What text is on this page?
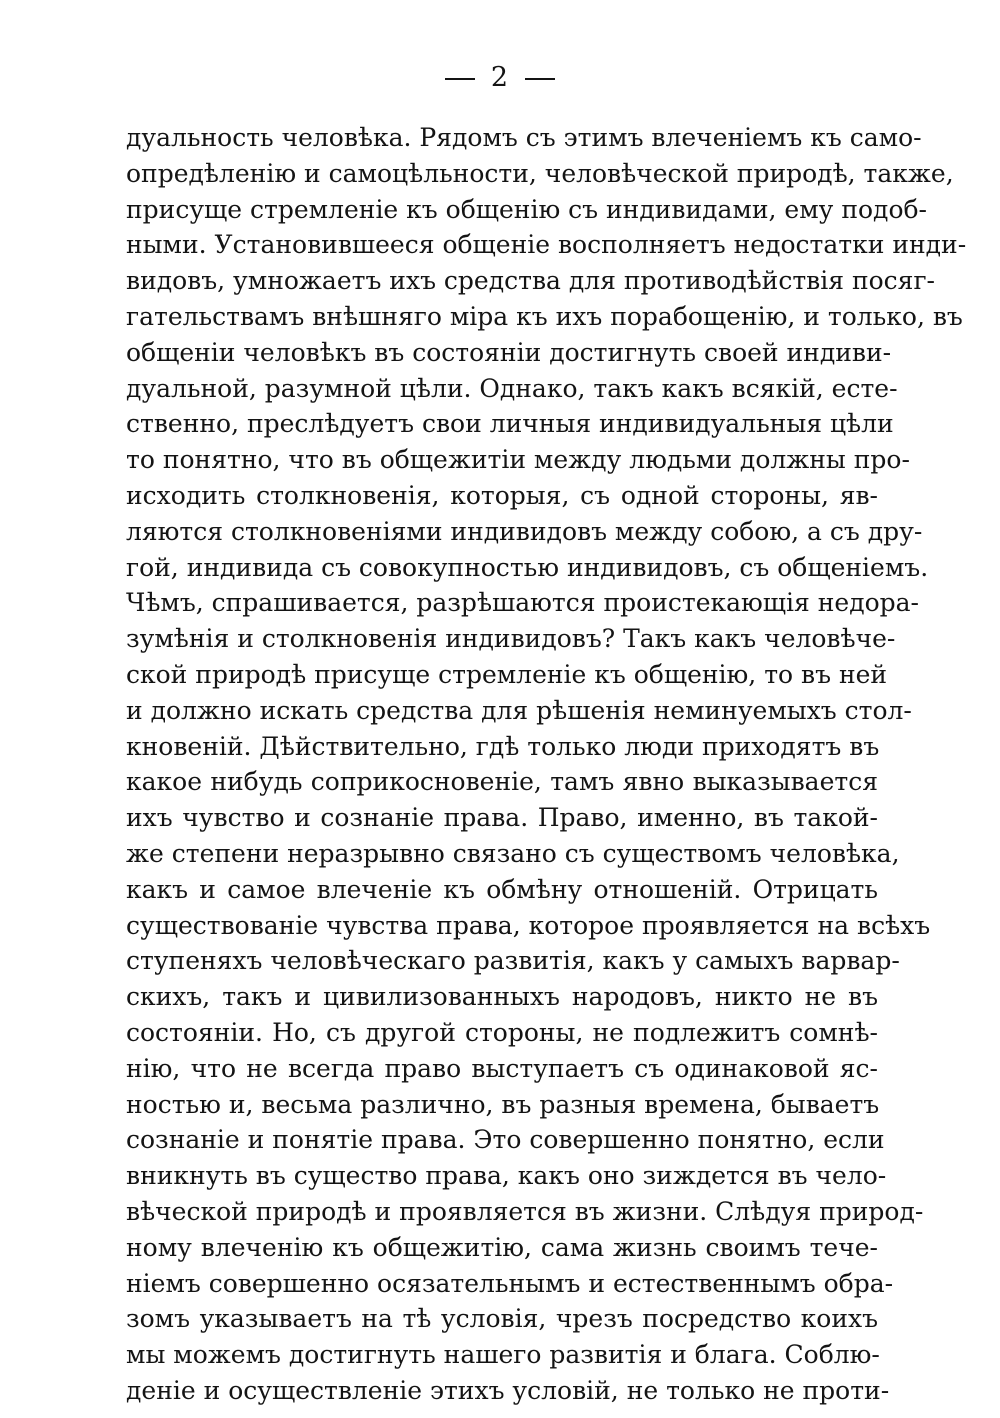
2

дуальность человѣка. Рядомъ съ этимъ влеченіемъ къ само-
опредѣленію и самоцѣльности, человѣческой природѣ, также,
присуще стремленіе къ общенію съ индивидами, ему подоб-
ными. Установившееся общеніе восполняетъ недостатки инди-
видовъ, умножаетъ ихъ средства для противодѣйствія посяг-
гательствамъ внѣшняго міра къ ихъ порабощенію, и только, въ
общеніи человѣкъ въ состояніи достигнуть своей индиви-
дуальной, разумной цѣли. Однако, такъ какъ всякій, есте-
ственно, преслѣдуетъ свои личныя индивидуальныя цѣли
то понятно, что въ общежитіи между людьми должны про-
исходить столкновенія, которыя, съ одной стороны, яв-
ляются столкновеніями индивидовъ между собою, а съ дру-
гой, индивида съ совокупностью индивидовъ, съ общеніемъ.
Чѣмъ, спрашивается, разрѣшаются проистекающія недора-
зумѣнія и столкновенія индивидовъ? Такъ какъ человѣче-
ской природѣ присуще стремленіе къ общенію, то въ ней
и должно искать средства для рѣшенія неминуемыхъ стол-
кновеній. Дѣйствительно, гдѣ только люди приходятъ въ
какое нибудь соприкосновеніе, тамъ явно выказывается
ихъ чувство и сознаніе права. Право, именно, въ такой-
же степени неразрывно связано съ существомъ человѣка,
какъ и самое влеченіе къ обмѣну отношеній. Отрицать
существованіе чувства права, которое проявляется на всѣхъ
ступеняхъ человѣческаго развитія, какъ у самыхъ варвар-
скихъ, такъ и цивилизованныхъ народовъ, никто не въ
состояніи. Но, съ другой стороны, не подлежитъ сомнѣ-
нію, что не всегда право выступаетъ съ одинаковой яс-
ностью и, весьма различно, въ разныя времена, бываетъ
сознаніе и понятіе права. Это совершенно понятно, если
вникнуть въ существо права, какъ оно зиждется въ чело-
вѣческой природѣ и проявляется въ жизни. Слѣдуя природ-
ному влеченію къ общежитію, сама жизнь своимъ тече-
ніемъ совершенно осязательнымъ и естественнымъ обра-
зомъ указываетъ на тѣ условія, чрезъ посредство коихъ
мы можемъ достигнуть нашего развитія и блага. Соблю-
деніе и осуществленіе этихъ условій, не только не проти-
